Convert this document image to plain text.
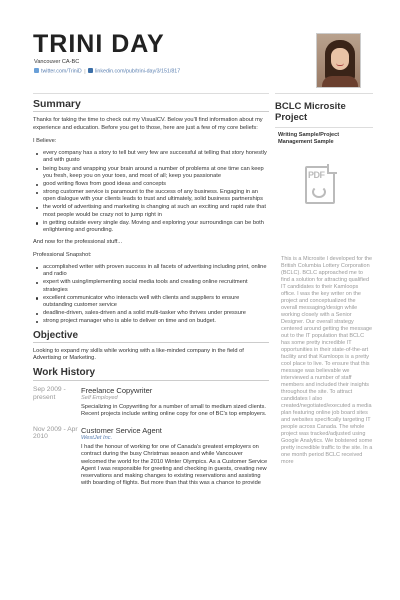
TRINI DAY
Vancouver CA-BC
twitter.com/TriniD | linkedin.com/pub/trini-day/3/151/817
Summary
Thanks for taking the time to check out my VisualCV. Below you'll find information about my experience and education. Before you get to those, here are just a few of my core beliefs:
I Believe:
every company has a story to tell but very few are successful at telling that story honestly and with gusto
being busy and wrapping your brain around a number of problems at one time can keep you fresh, keep you on your toes, and most of all; keep you passionate
good writing flows from good ideas and concepts
strong customer service is paramount to the success of any business. Engaging in an open dialogue with your clients leads to trust and ultimately, solid business partnerships
the world of advertising and marketing is changing at such an exciting and rapid rate that most people would be crazy not to jump right in
in getting outside every single day. Moving and exploring your surroundings can be both enlightening and grounding.
And now for the professional stuff...
Professional Snapshot:
accomplished writer with proven success in all facets of advertising including print, online and radio
expert with using/implementing social media tools and creating online recruitment strategies
excellent communicator who interacts well with clients and suppliers to ensure outstanding customer service
deadline-driven, sales-driven and a solid multi-tasker who thrives under pressure
strong project manager who is able to deliver on time and on budget.
Objective
Looking to expand my skills while working with a like-minded company in the field of Advertising or Marketing.
Work History
Sep 2009 - present
Freelance Copywriter
Self Employed
Specializing in Copywriting for a number of small to medium sized clients. Recent projects include writing online copy for one of BC's top employers.
Nov 2009 - Apr 2010
Customer Service Agent
WestJet Inc.
I had the honour of working for one of Canada's greatest employers on contract during the busy Christmas season and while Vancouver welcomed the world for the 2010 Winter Olympics. As a Customer Service Agent I was responsible for greeting and checking in guests, creating new reservations and making changes to existing reservations and assisting with boarding of flights. But more than that this was a chance to provide
BCLC Microsite Project
Writing Sample/Project Management Sample
PDF
This is a Microsite I developed for the British Columbia Lottery Corporation (BCLC). BCLC approached me to find a solution for attracting qualified IT candidates to their Kamloops office. I was the key writer on the project and conceptualized the overall messaging/design while working closely with a Senior Designer. Our overall strategy centered around getting the message out to the IT population that BCLC has some pretty incredible IT opportunities in their state-of-the-art facility and that Kamloops is a pretty cool place to live. To ensure that this message was believable we interviewed a number of staff members and included their insights throughout the site. To attract candidates I also created/negotiated/executed a media plan featuring online job board sites and websites specifically targeting IT people across Canada. The whole project was tracked/adjusted using Google Analytics. We bolstered some pretty incredible traffic to the site. In a one month period BCLC received more
